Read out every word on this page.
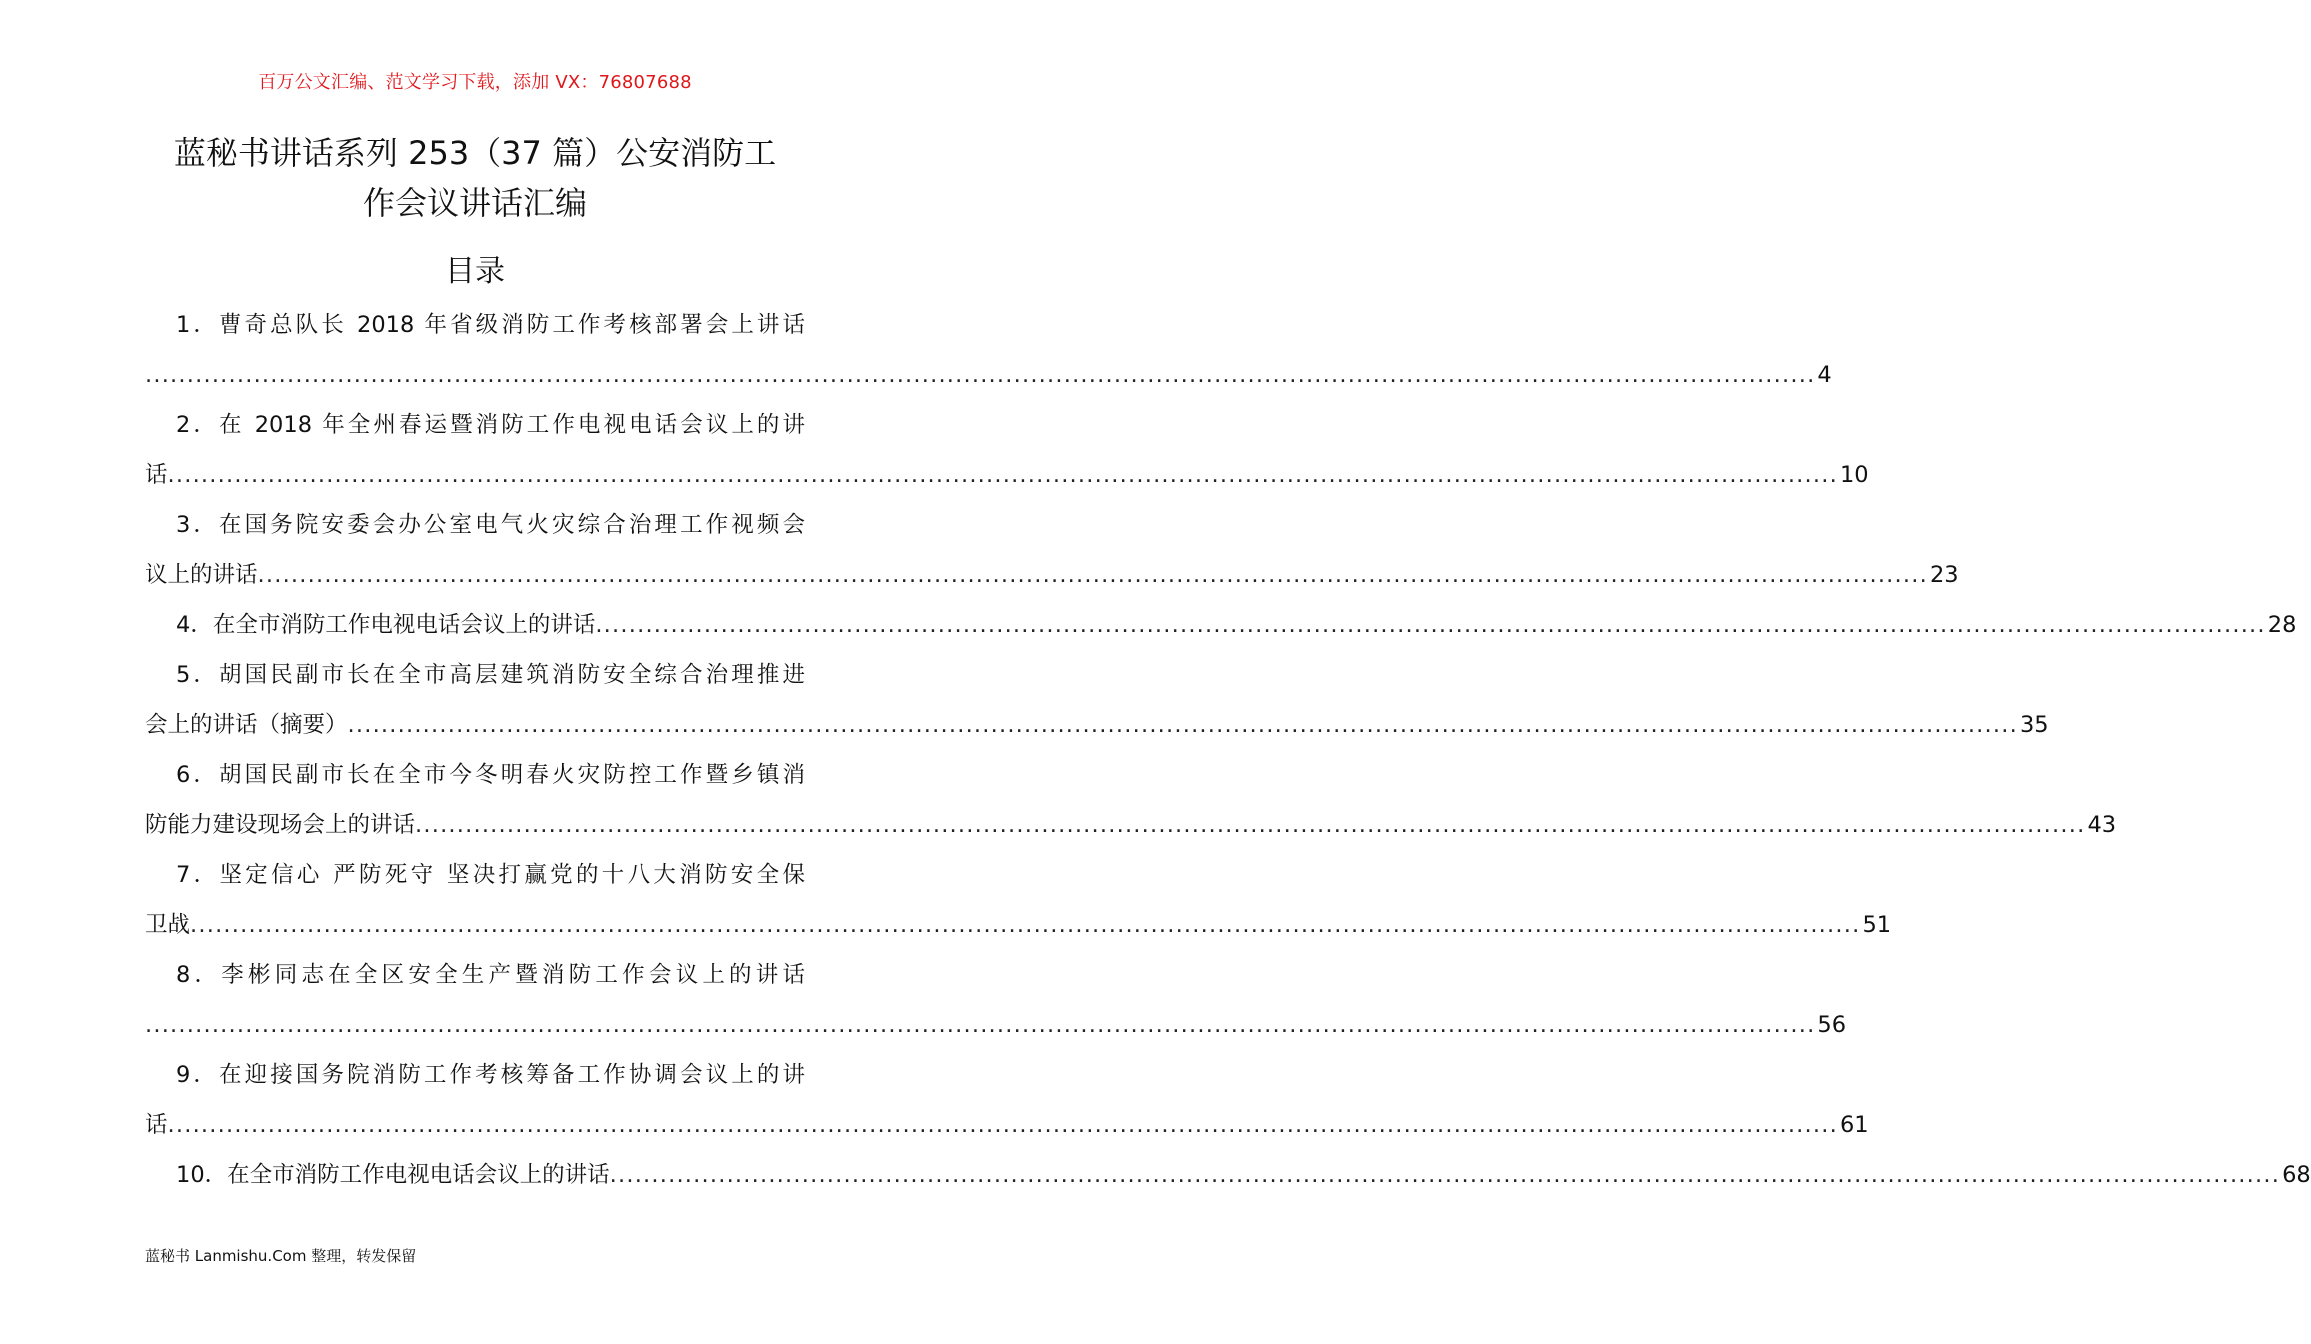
百万公文汇编、范文学习下载，添加 VX：76807688
蓝秘书讲话系列 253（37 篇）公安消防工
作会议讲话汇编
目录
1．曹奇总队长 2018 年省级消防工作考核部署会上讲话
........................................................................................................................................................................................................ 4
2．在 2018 年全州春运暨消防工作电视电话会议上的讲
话 ........................................................................................................................................................................................................ 10
3．在国务院安委会办公室电气火灾综合治理工作视频会
议上的讲话 ........................................................................................................................................................................................................ 23
4．在全市消防工作电视电话会议上的讲话 ........................................................................................................................................................................................................ 28
5．胡国民副市长在全市高层建筑消防安全综合治理推进
会上的讲话（摘要） ........................................................................................................................................................................................................ 35
6．胡国民副市长在全市今冬明春火灾防控工作暨乡镇消
防能力建设现场会上的讲话 ........................................................................................................................................................................................................ 43
7．坚定信心 严防死守 坚决打赢党的十八大消防安全保
卫战 ........................................................................................................................................................................................................ 51
8．李彬同志在全区安全生产暨消防工作会议上的讲话
........................................................................................................................................................................................................ 56
9．在迎接国务院消防工作考核筹备工作协调会议上的讲
话 ........................................................................................................................................................................................................ 61
10．在全市消防工作电视电话会议上的讲话 ........................................................................................................................................................................................................ 68
蓝秘书 Lanmishu.Com 整理，转发保留
